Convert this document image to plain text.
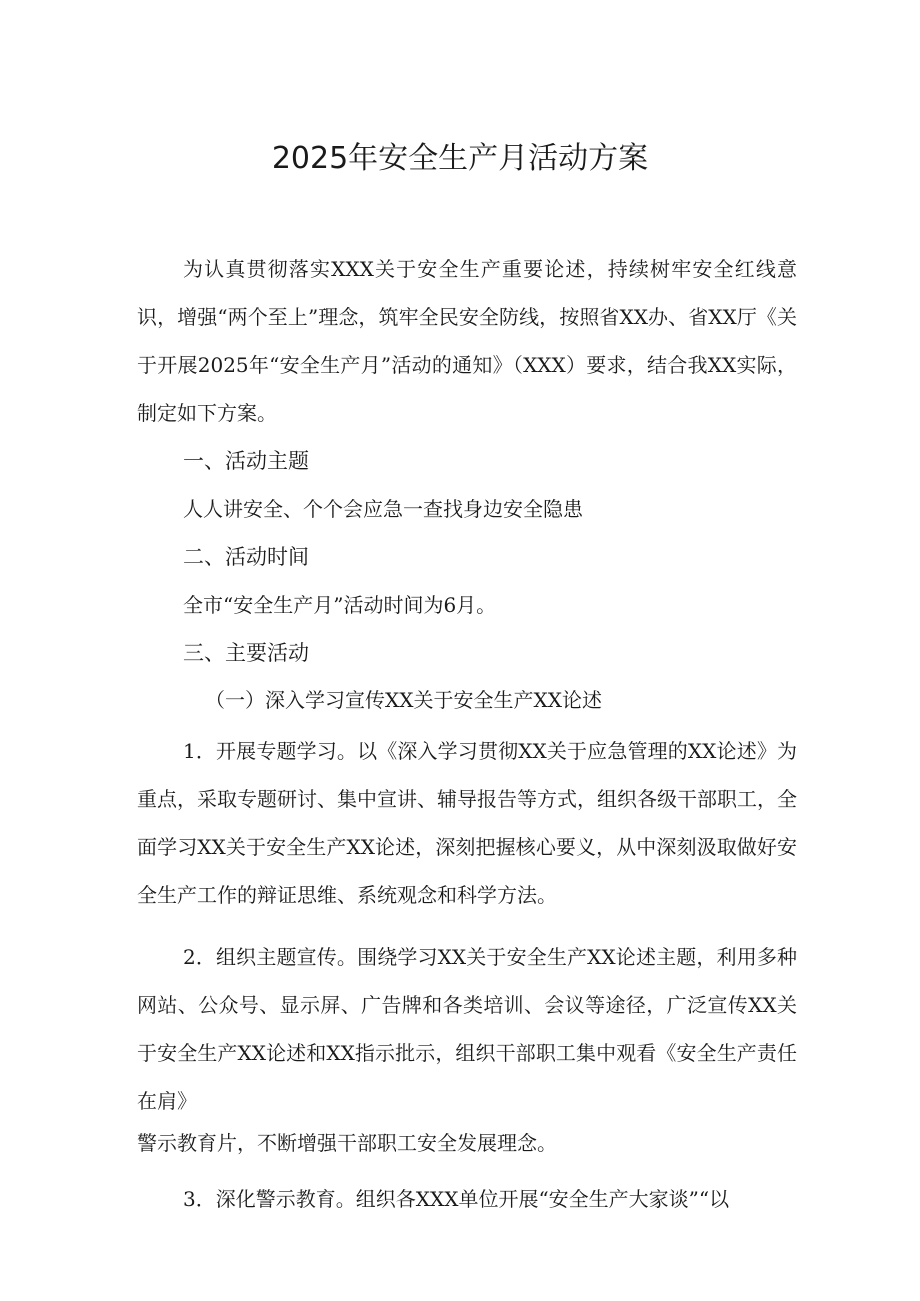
2025年安全生产月活动方案

为认真贯彻落实XXX关于安全生产重要论述，持续树牢安全红线意识，增强“两个至上”理念，筑牢全民安全防线，按照省XX办、省XX厅《关于开展2025年“安全生产月”活动的通知》（XXX）要求，结合我XX实际，制定如下方案。

一、活动主题

人人讲安全、个个会应急一查找身边安全隐患

二、活动时间

全市“安全生产月”活动时间为6月。

三、主要活动

（一）深入学习宣传XX关于安全生产XX论述

1．开展专题学习。以《深入学习贯彻XX关于应急管理的XX论述》为重点，采取专题研讨、集中宣讲、辅导报告等方式，组织各级干部职工，全面学习XX关于安全生产XX论述，深刻把握核心要义，从中深刻汲取做好安全生产工作的辩证思维、系统观念和科学方法。

2．组织主题宣传。围绕学习XX关于安全生产XX论述主题，利用多种网站、公众号、显示屏、广告牌和各类培训、会议等途径，广泛宣传XX关于安全生产XX论述和XX指示批示，组织干部职工集中观看《安全生产责任在肩》

警示教育片，不断增强干部职工安全发展理念。

3．深化警示教育。组织各XXX单位开展“安全生产大家谈”“以
